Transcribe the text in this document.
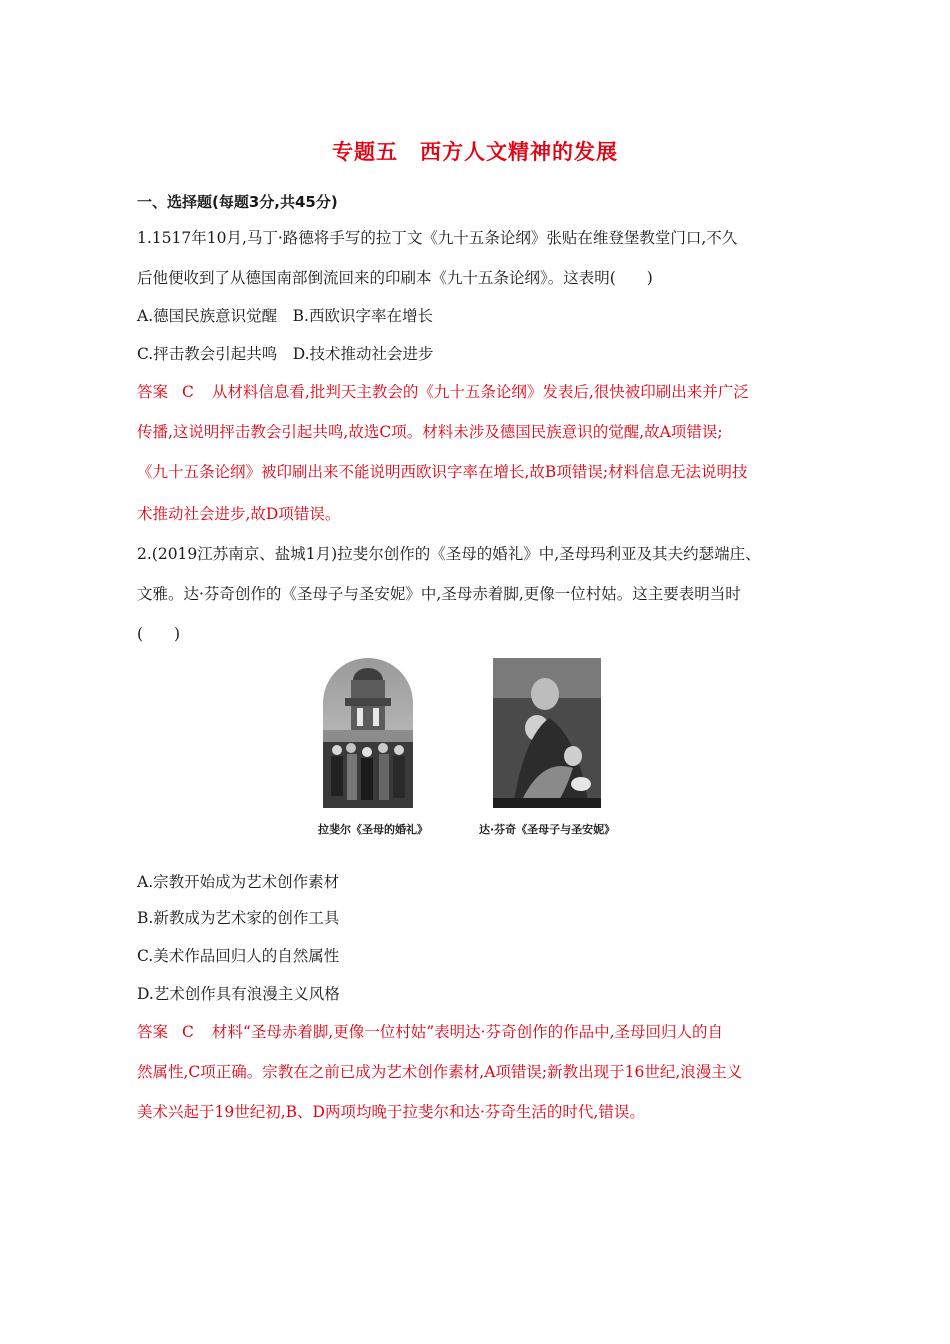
专题五　西方人文精神的发展
一、选择题(每题3分,共45分)
1.1517年10月,马丁·路德将手写的拉丁文《九十五条论纲》张贴在维登堡教堂门口,不久
后他便收到了从德国南部倒流回来的印刷本《九十五条论纲》。这表明(　　)
A.德国民族意识觉醒　B.西欧识字率在增长
C.抨击教会引起共鸣　D.技术推动社会进步
答案 C 从材料信息看,批判天主教会的《九十五条论纲》发表后,很快被印刷出来并广泛
传播,这说明抨击教会引起共鸣,故选C项。材料未涉及德国民族意识的觉醒,故A项错误;
《九十五条论纲》被印刷出来不能说明西欧识字率在增长,故B项错误;材料信息无法说明技
术推动社会进步,故D项错误。
2.(2019江苏南京、盐城1月)拉斐尔创作的《圣母的婚礼》中,圣母玛利亚及其夫约瑟端庄、
文雅。达·芬奇创作的《圣母子与圣安妮》中,圣母赤着脚,更像一位村姑。这主要表明当时
(　　)
拉斐尔《圣母的婚礼》	达·芬奇《圣母子与圣安妮》
A.宗教开始成为艺术创作素材
B.新教成为艺术家的创作工具
C.美术作品回归人的自然属性
D.艺术创作具有浪漫主义风格
答案 C 材料“圣母赤着脚,更像一位村姑”表明达·芬奇创作的作品中,圣母回归人的自
然属性,C项正确。宗教在之前已成为艺术创作素材,A项错误;新教出现于16世纪,浪漫主义
美术兴起于19世纪初,B、D两项均晚于拉斐尔和达·芬奇生活的时代,错误。
